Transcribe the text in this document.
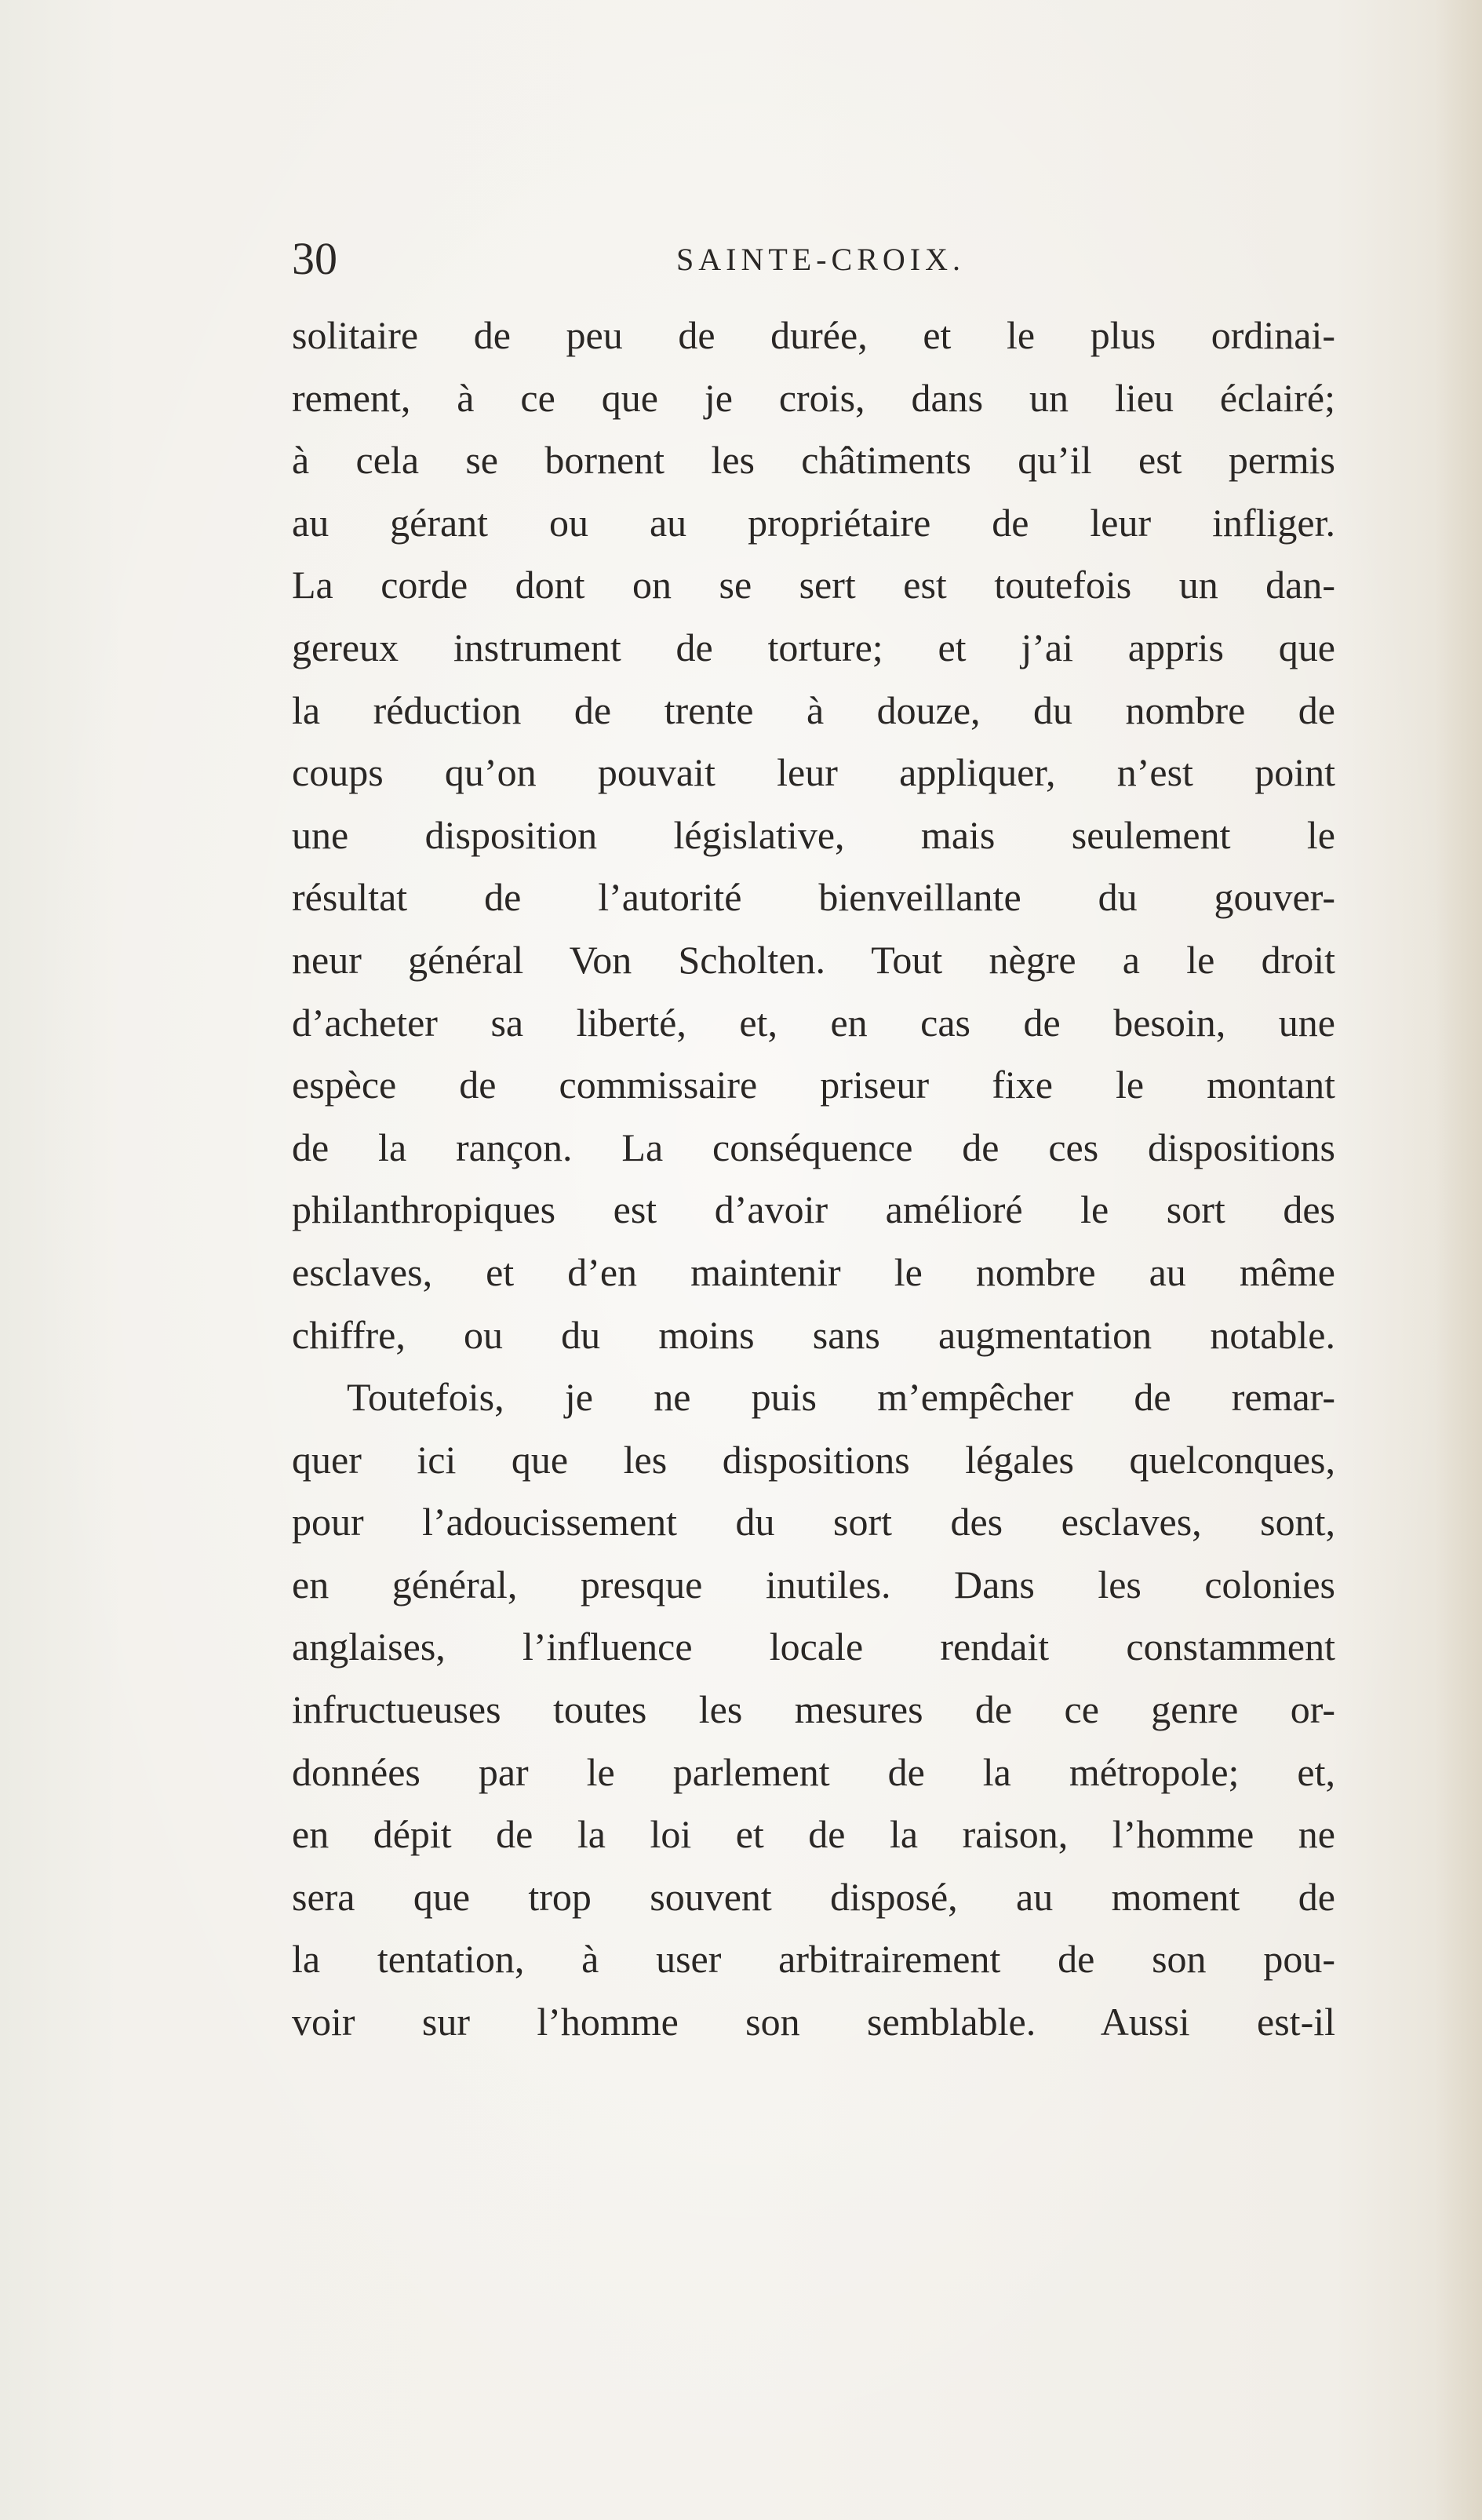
30	SAINTE-CROIX.
solitaire de peu de durée, et le plus ordinai-
rement, à ce que je crois, dans un lieu éclairé;
à cela se bornent les châtiments qu’il est permis
au gérant ou au propriétaire de leur infliger.
La corde dont on se sert est toutefois un dan-
gereux instrument de torture; et j’ai appris que
la réduction de trente à douze, du nombre de
coups qu’on pouvait leur appliquer, n’est point
une disposition législative, mais seulement le
résultat de l’autorité bienveillante du gouver-
neur général Von Scholten. Tout nègre a le droit
d’acheter sa liberté, et, en cas de besoin, une
espèce de commissaire priseur fixe le montant
de la rançon. La conséquence de ces dispositions
philanthropiques est d’avoir amélioré le sort des
esclaves, et d’en maintenir le nombre au même
chiffre, ou du moins sans augmentation notable.
Toutefois, je ne puis m’empêcher de remar-
quer ici que les dispositions légales quelconques,
pour l’adoucissement du sort des esclaves, sont,
en général, presque inutiles. Dans les colonies
anglaises, l’influence locale rendait constamment
infructueuses toutes les mesures de ce genre or-
données par le parlement de la métropole; et,
en dépit de la loi et de la raison, l’homme ne
sera que trop souvent disposé, au moment de
la tentation, à user arbitrairement de son pou-
voir sur l’homme son semblable. Aussi est-il
